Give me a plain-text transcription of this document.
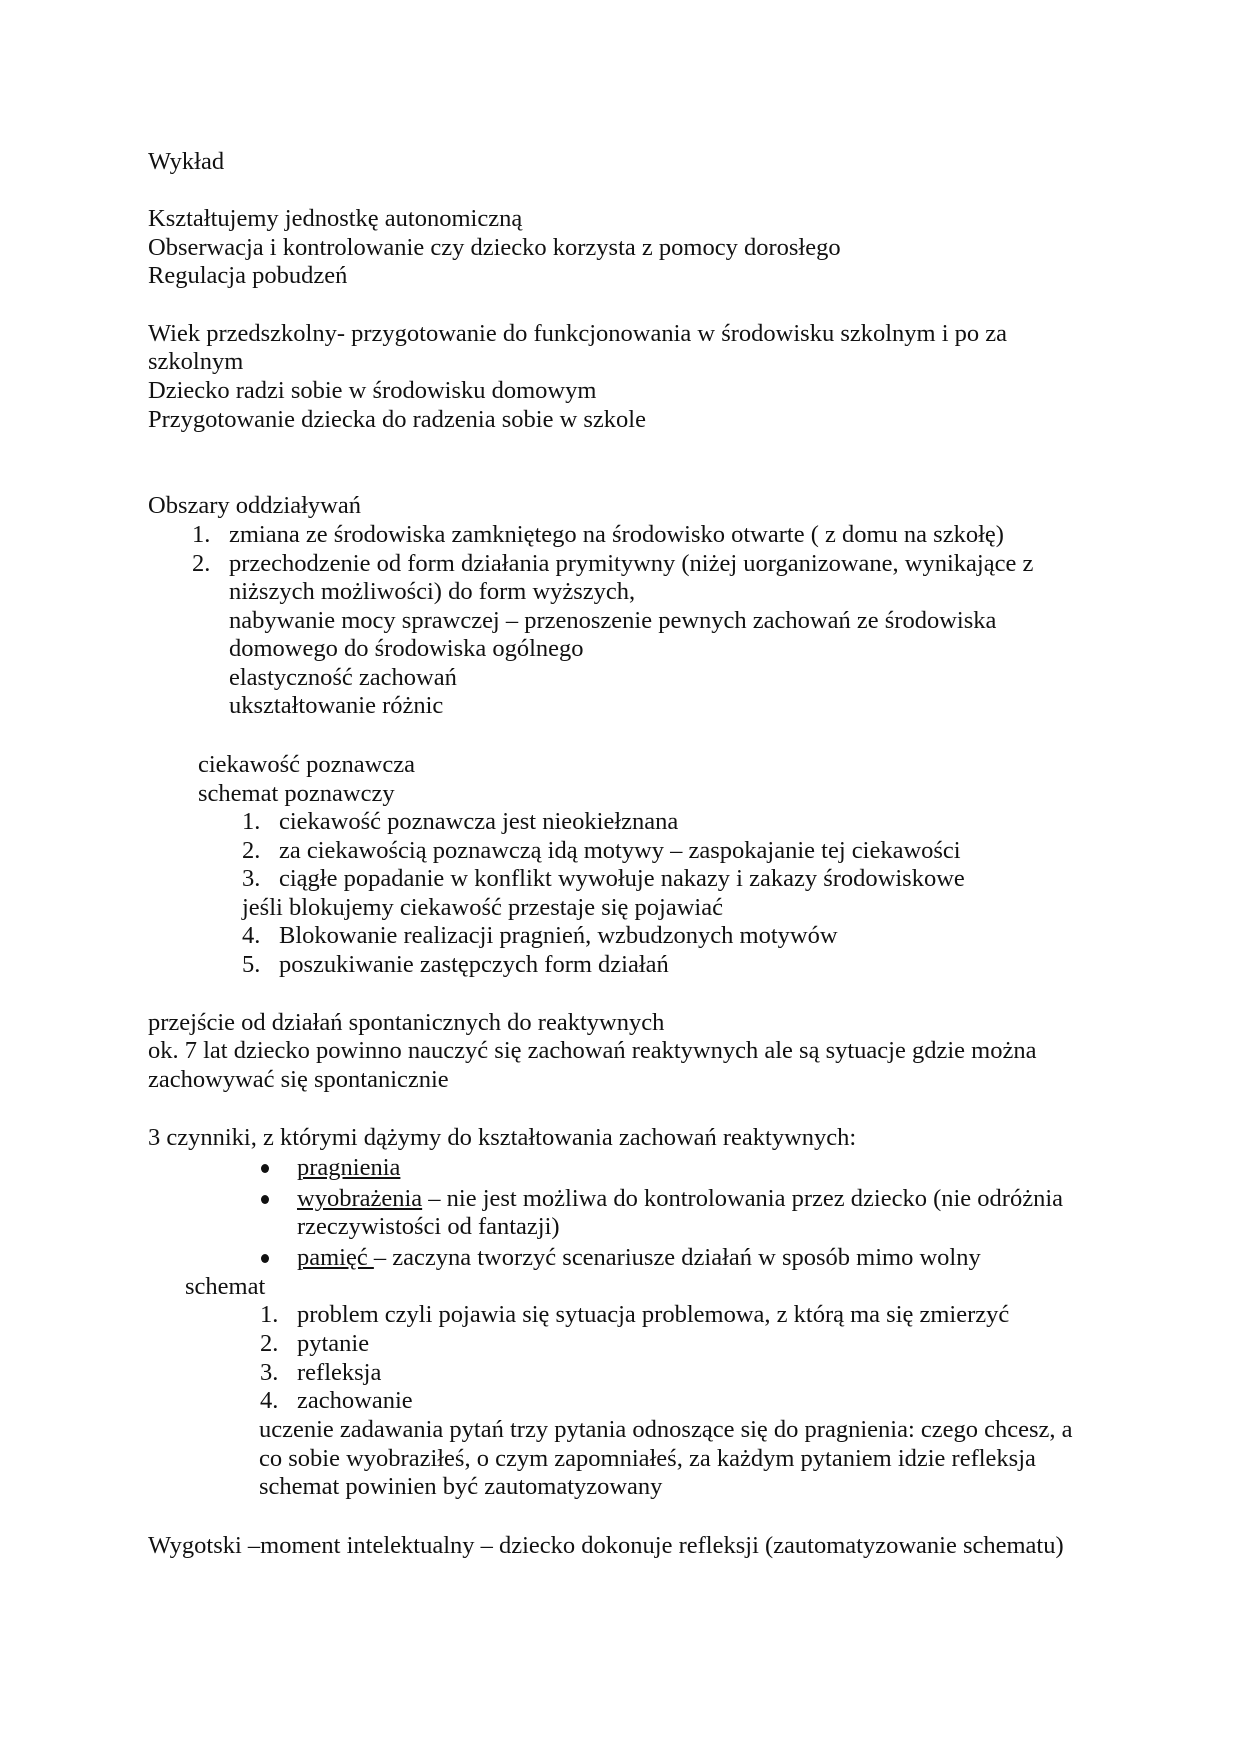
Wykład
Kształtujemy jednostkę autonomiczną
Obserwacja i kontrolowanie czy dziecko korzysta z pomocy dorosłego
Regulacja pobudzeń
Wiek przedszkolny- przygotowanie do funkcjonowania w środowisku szkolnym i po za
szkolnym
Dziecko radzi sobie w środowisku domowym
Przygotowanie dziecka do radzenia sobie w szkole
Obszary oddziaływań
1. zmiana ze środowiska zamkniętego na środowisko otwarte ( z domu na szkołę)
2. przechodzenie od form działania prymitywny (niżej uorganizowane, wynikające z
niższych możliwości) do form wyższych,
nabywanie mocy sprawczej – przenoszenie pewnych zachowań ze środowiska
domowego do środowiska ogólnego
elastyczność zachowań
ukształtowanie różnic
ciekawość poznawcza
schemat poznawczy
1. ciekawość poznawcza jest nieokiełznana
2. za ciekawością poznawczą idą motywy – zaspokajanie tej ciekawości
3. ciągłe popadanie w konflikt wywołuje nakazy i zakazy środowiskowe
jeśli blokujemy ciekawość przestaje się pojawiać
4. Blokowanie realizacji pragnień, wzbudzonych motywów
5. poszukiwanie zastępczych form działań
przejście od działań spontanicznych do reaktywnych
ok. 7 lat dziecko powinno nauczyć się zachowań reaktywnych ale są sytuacje gdzie można
zachowywać się spontanicznie
3 czynniki, z którymi dążymy do kształtowania zachowań reaktywnych:
pragnienia
wyobrażenia – nie jest możliwa do kontrolowania przez dziecko (nie odróżnia
rzeczywistości od fantazji)
pamięć – zaczyna tworzyć scenariusze działań w sposób mimo wolny
schemat
1. problem czyli pojawia się sytuacja problemowa, z którą ma się zmierzyć
2. pytanie
3. refleksja
4. zachowanie
uczenie zadawania pytań trzy pytania odnoszące się do pragnienia: czego chcesz, a
co sobie wyobraziłeś, o czym zapomniałeś, za każdym pytaniem idzie refleksja
schemat powinien być zautomatyzowany
Wygotski –moment intelektualny – dziecko dokonuje refleksji (zautomatyzowanie schematu)
